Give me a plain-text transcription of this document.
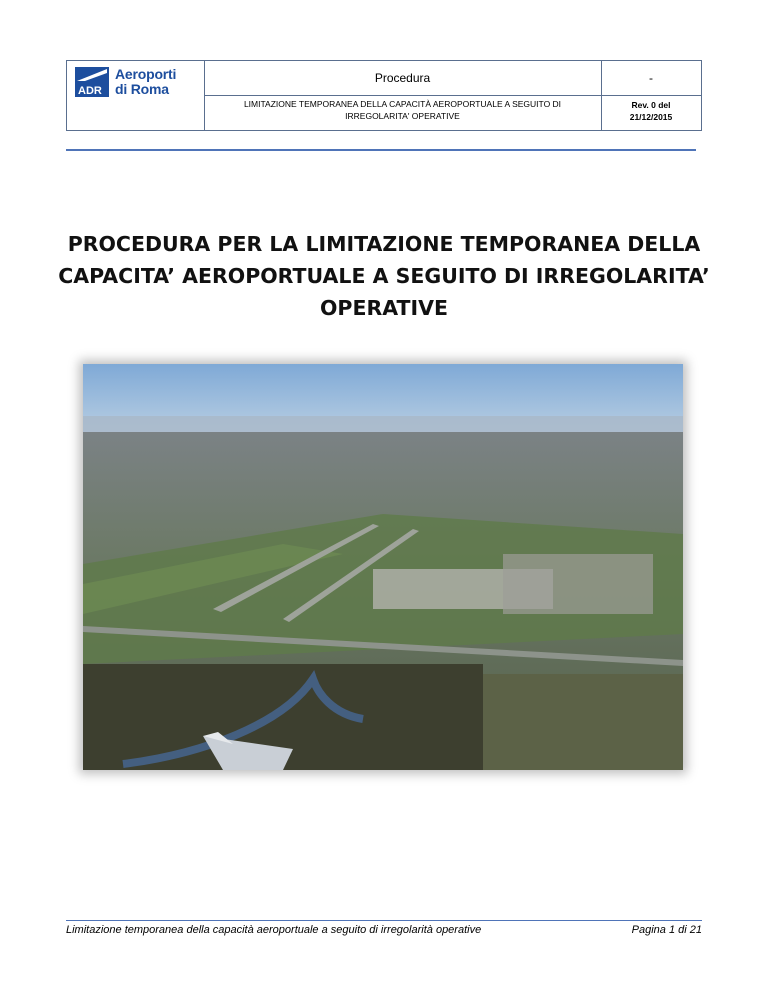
ADR
Aeroporti
di Roma
Procedura	-
LIMITAZIONE TEMPORANEA DELLA CAPACITÀ AEROPORTUALE A SEGUITO DI
IRREGOLARITA' OPERATIVE
Rev. 0 del
21/12/2015
PROCEDURA PER LA LIMITAZIONE TEMPORANEA DELLA
CAPACITA’ AEROPORTUALE A SEGUITO DI IRREGOLARITA’
OPERATIVE
Limitazione temporanea della capacità aeroportuale a seguito di irregolarità operative	Pagina 1 di 21
